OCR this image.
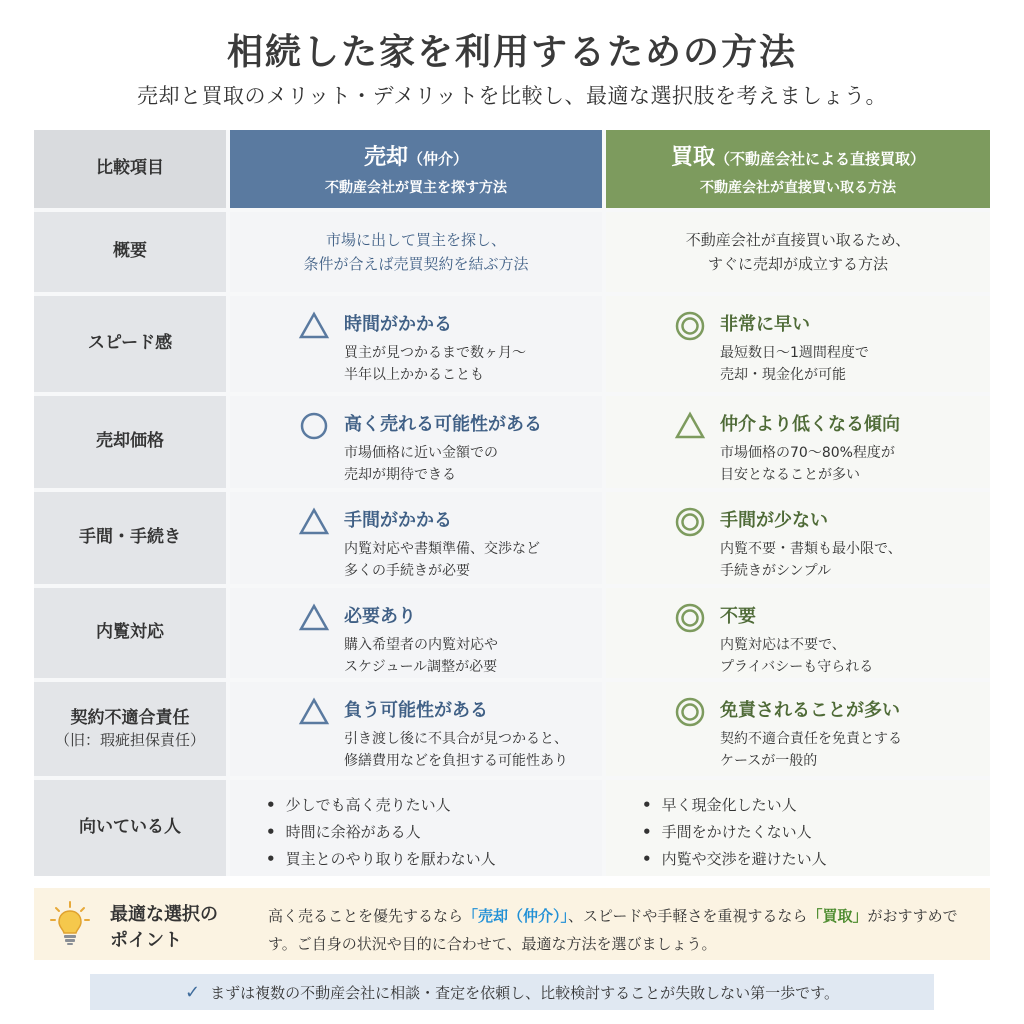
相続した家を利用するための方法
売却と買取のメリット・デメリットを比較し、最適な選択肢を考えましょう。
比較項目	売却（仲介）
不動産会社が買主を探す方法
買取（不動産会社による直接買取）
不動産会社が直接買い取る方法
概要
市場に出して買主を探し、
条件が合えば売買契約を結ぶ方法
不動産会社が直接買い取るため、
すぐに売却が成立する方法
スピード感
時間がかかる
買主が見つかるまで数ヶ月〜
半年以上かかることも
非常に早い
最短数日〜1週間程度で
売却・現金化が可能
売却価格
高く売れる可能性がある
市場価格に近い金額での
売却が期待できる
仲介より低くなる傾向
市場価格の70〜80%程度が
目安となることが多い
手間・手続き
手間がかかる
内覧対応や書類準備、交渉など
多くの手続きが必要
手間が少ない
内覧不要・書類も最小限で、
手続きがシンプル
内覧対応
必要あり
購入希望者の内覧対応や
スケジュール調整が必要
不要
内覧対応は不要で、
プライバシーも守られる
契約不適合責任
（旧：瑕疵担保責任）
負う可能性がある
引き渡し後に不具合が見つかると、
修繕費用などを負担する可能性あり
免責されることが多い
契約不適合責任を免責とする
ケースが一般的
向いている人
• 少しでも高く売りたい人
• 時間に余裕がある人
• 買主とのやり取りを厭わない人
• 早く現金化したい人
• 手間をかけたくない人
• 内覧や交渉を避けたい人
最適な選択の
ポイント
高く売ることを優先するなら「売却（仲介）」、スピードや手軽さを重視するなら「買取」がおすすめです。ご自身の状況や目的に合わせて、最適な方法を選びましょう。
✓ まずは複数の不動産会社に相談・査定を依頼し、比較検討することが失敗しない第一歩です。
